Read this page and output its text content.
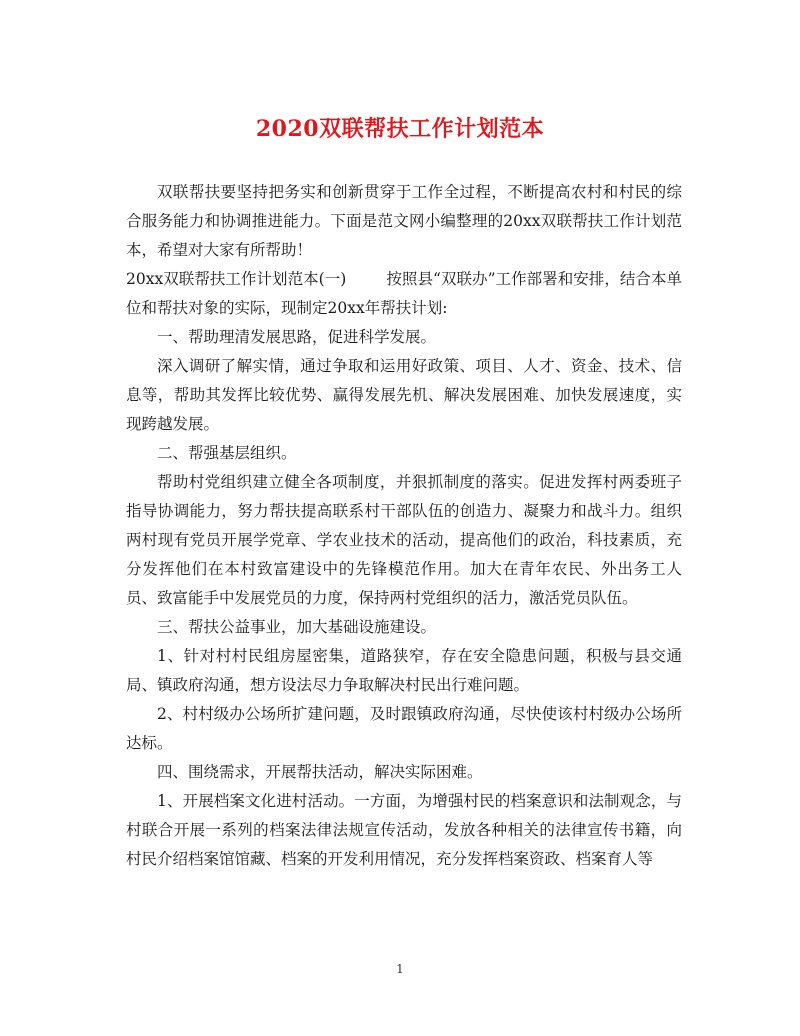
2020双联帮扶工作计划范本

双联帮扶要坚持把务实和创新贯穿于工作全过程，不断提高农村和村民的综合服务能力和协调推进能力。下面是范文网小编整理的20xx双联帮扶工作计划范本，希望对大家有所帮助！

20xx双联帮扶工作计划范本(一)	按照县“双联办”工作部署和安排，结合本单位和帮扶对象的实际，现制定20xx年帮扶计划:

一、帮助理清发展思路，促进科学发展。

深入调研了解实情，通过争取和运用好政策、项目、人才、资金、技术、信息等，帮助其发挥比较优势、赢得发展先机、解决发展困难、加快发展速度，实现跨越发展。

二、帮强基层组织。

帮助村党组织建立健全各项制度，并狠抓制度的落实。促进发挥村两委班子指导协调能力，努力帮扶提高联系村干部队伍的创造力、凝聚力和战斗力。组织两村现有党员开展学党章、学农业技术的活动，提高他们的政治，科技素质，充分发挥他们在本村致富建设中的先锋模范作用。加大在青年农民、外出务工人员、致富能手中发展党员的力度，保持两村党组织的活力，激活党员队伍。

三、帮扶公益事业，加大基础设施建设。

1、针对村村民组房屋密集，道路狭窄，存在安全隐患问题，积极与县交通局、镇政府沟通，想方设法尽力争取解决村民出行难问题。

2、村村级办公场所扩建问题，及时跟镇政府沟通，尽快使该村村级办公场所达标。

四、围绕需求，开展帮扶活动，解决实际困难。

1、开展档案文化进村活动。一方面，为增强村民的档案意识和法制观念，与村联合开展一系列的档案法律法规宣传活动，发放各种相关的法律宣传书籍，向村民介绍档案馆馆藏、档案的开发利用情况，充分发挥档案资政、档案育人等

1
